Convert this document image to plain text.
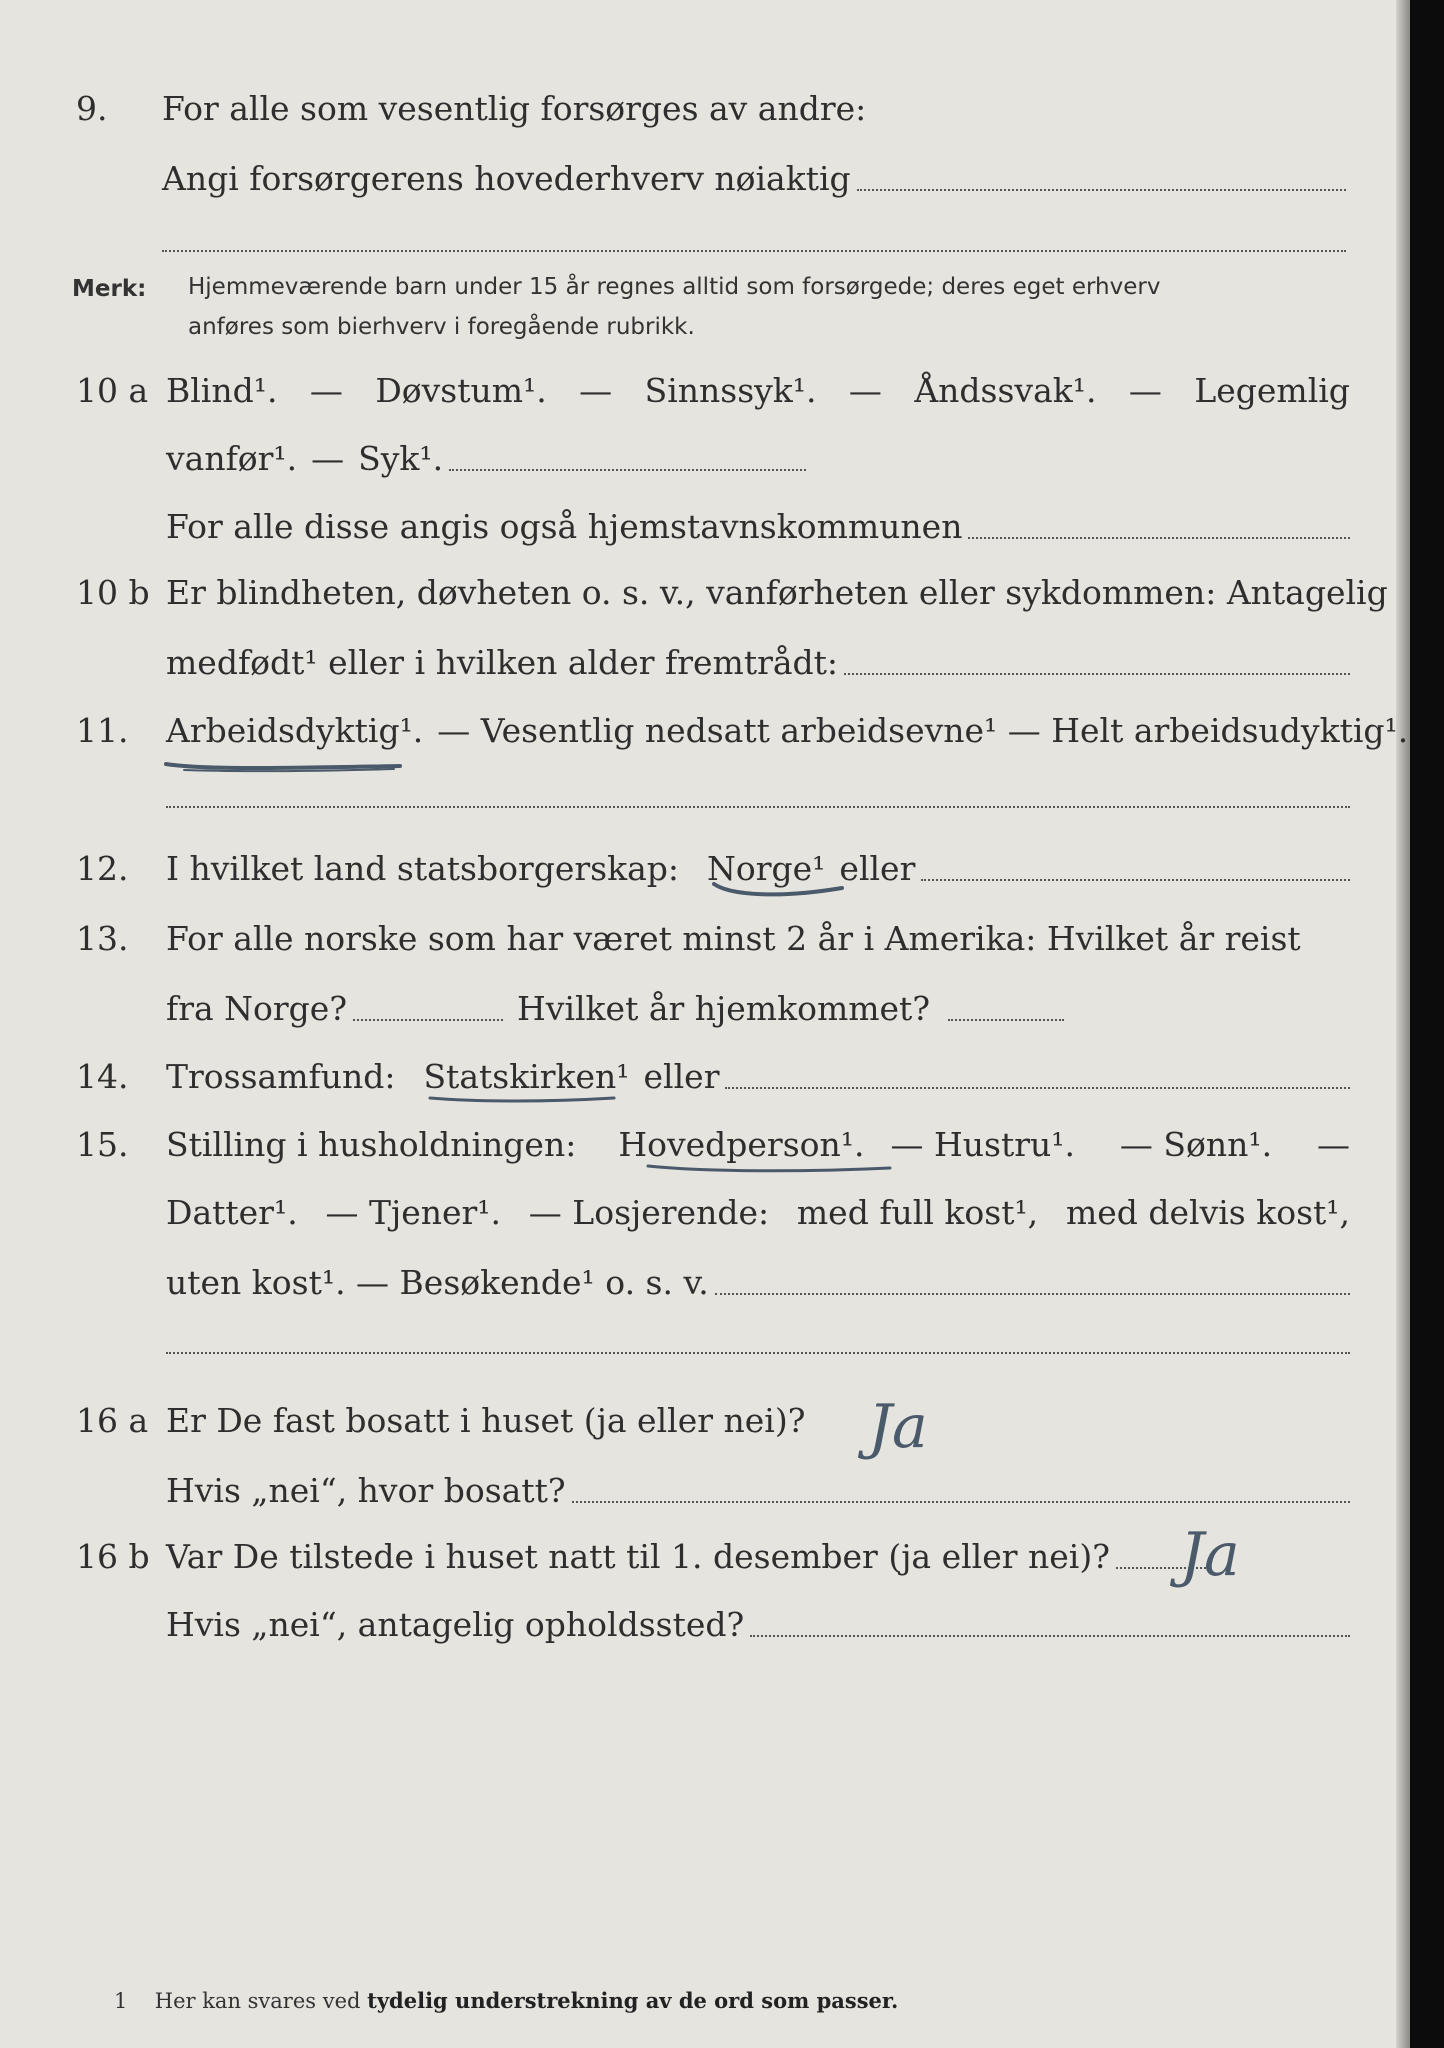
9. For alle som vesentlig forsørges av andre:
Angi forsørgerens hovederhverv nøiaktig
Merk: Hjemmeværende barn under 15 år regnes alltid som forsørgede; deres eget erhverv
anføres som bierhverv i foregående rubrikk.
10 a Blind¹. — Døvstum¹. — Sinnssyk¹. — Åndssvak¹. — Legemlig
vanfør¹. — Syk¹.
For alle disse angis også hjemstavnskommunen
10 b Er blindheten, døvheten o. s. v., vanførheten eller sykdommen: Antagelig
medfødt¹ eller i hvilken alder fremtrådt:
11. Arbeidsdyktig¹. — Vesentlig nedsatt arbeidsevne¹ — Helt arbeidsudyktig¹.
12. I hvilket land statsborgerskap: Norge¹ eller
13. For alle norske som har været minst 2 år i Amerika: Hvilket år reist
fra Norge?	Hvilket år hjemkommet?
14. Trossamfund: Statskirken¹ eller
15. Stilling i husholdningen: Hovedperson¹. — Hustru¹. — Sønn¹. —
Datter¹. — Tjener¹. — Losjerende: med full kost¹, med delvis kost¹,
uten kost¹. — Besøkende¹ o. s. v.
16 a Er De fast bosatt i huset (ja eller nei)? Ja
Hvis „nei“, hvor bosatt?
16 b Var De tilstede i huset natt til 1. desember (ja eller nei)? Ja
Hvis „nei“, antagelig opholdssted?
1 Her kan svares ved tydelig understrekning av de ord som passer.
